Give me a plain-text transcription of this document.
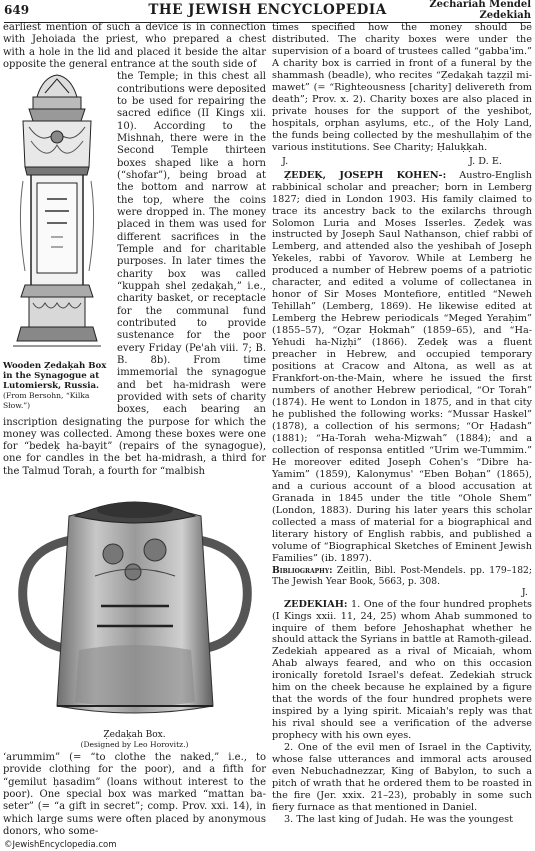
649	THE JEWISH ENCYCLOPEDIA	Zechariah Mendel
Zedekiah

earliest mention of such a device is in connection with Jehoiada the priest, who prepared a chest with a hole in the lid and placed it beside the altar opposite the general entrance at the south side of

Wooden Ẓedaḳah Box in the Synagogue at Lutomiersk, Russia.
(From Bersohn, “Kilka Słow.”)

the Temple; in this chest all contributions were deposited to be used for repairing the sacred edifice (II Kings xii. 10). According to the Mishnah, there were in the Second Temple thirteen boxes shaped like a horn (“shofar”), being broad at the bottom and narrow at the top, where the coins were dropped in. The money placed in them was used for different sacrifices in the Temple and for charitable purposes. In later times the charity box was called “kuppah shel ẓedaḳah,” i.e., charity basket, or receptacle for the communal fund contributed to provide sustenance for the poor every Friday (Pe'ah viii. 7; B. B. 8b). From time immemorial the synagogue and bet ha-midrash were provided with sets of charity boxes, each bearing an inscription designating the purpose for which the money was collected. Among these boxes were one for “bedeḳ ha-bayit” (repairs of the synagogue), one for candles in the bet ha-midrash, a third for the Talmud Torah, a fourth for “malbish

Ẓedaḳah Box.
(Designed by Leo Horovitz.)

‘arummim” (= “to clothe the naked,” i.e., to provide clothing for the poor), and a fifth for “gemilut ḥasadim” (loans without interest to the poor). One special box was marked “mattan ba-seter” (= “a gift in secret”; comp. Prov. xxi. 14), in which large sums were often placed by anonymous donors, who some-

times specified how the money should be distributed. The charity boxes were under the supervision of a board of trustees called “gabba'im.” A charity box is carried in front of a funeral by the shammash (beadle), who recites “Ẓedaḳah taẓẓil mi-mawet” (= “Righteousness [charity] delivereth from death”; Prov. x. 2). Charity boxes are also placed in private houses for the support of the yeshibot, hospitals, orphan asylums, etc., of the Holy Land, the funds being collected by the meshullaḥim of the various institutions. See Charity; Ḥaluḳḳah.

J.	J. D. E.

ẒEDEḲ, JOSEPH KOHEN-: Austro-English rabbinical scholar and preacher; born in Lemberg 1827; died in London 1903. His family claimed to trace its ancestry back to the exilarchs through Solomon Luria and Moses Isserles. Ẓedeḳ was instructed by Joseph Saul Nathanson, chief rabbi of Lemberg, and attended also the yeshibah of Joseph Yekeles, rabbi of Yavorov. While at Lemberg he produced a number of Hebrew poems of a patriotic character, and edited a volume of collectanea in honor of Sir Moses Montefiore, entitled “Neweh Tehillah” (Lemberg, 1869). He likewise edited at Lemberg the Hebrew periodicals “Meged Yeraḥim” (1855–57), “Oẓar Ḥokmah” (1859–65), and “Ha-Yehudi ha-Niẓḥi” (1866). Ẓedeḳ was a fluent preacher in Hebrew, and occupied temporary positions at Cracow and Altona, as well as at Frankfort-on-the-Main, where he issued the first numbers of another Hebrew periodical, “Or Torah” (1874). He went to London in 1875, and in that city he published the following works: “Mussar Haskel” (1878), a collection of his sermons; “Or Ḥadash” (1881); “Ha-Torah weha-Miẓwah” (1884); and a collection of responsa entitled “Urim we-Tummim.” He moreover edited Joseph Cohen's “Dibre ha-Yamim” (1859), Kalonymus' “Eben Boḥan” (1865), and a curious account of a blood accusation at Granada in 1845 under the title “Ohole Shem” (London, 1883). During his later years this scholar collected a mass of material for a biographical and literary history of English rabbis, and published a volume of “Biographical Sketches of Eminent Jewish Families” (ib. 1897).

Bibliography: Zeitlin, Bibl. Post-Mendels. pp. 179–182; The Jewish Year Book, 5663, p. 308.

J.

ZEDEKIAH: 1. One of the four hundred prophets (I Kings xxii. 11, 24, 25) whom Ahab summoned to inquire of them before Jehoshaphat whether he should attack the Syrians in battle at Ramoth-gilead. Zedekiah appeared as a rival of Micaiah, whom Ahab always feared, and who on this occasion ironically foretold Israel's defeat. Zedekiah struck him on the cheek because he explained by a figure that the words of the four hundred prophets were inspired by a lying spirit. Micaiah's reply was that his rival should see a verification of the adverse prophecy with his own eyes.

2. One of the evil men of Israel in the Captivity, whose false utterances and immoral acts aroused even Nebuchadnezzar, King of Babylon, to such a pitch of wrath that he ordered them to be roasted in the fire (Jer. xxix. 21–23), probably in some such fiery furnace as that mentioned in Daniel.

3. The last king of Judah. He was the youngest

©JewishEncyclopedia.com
